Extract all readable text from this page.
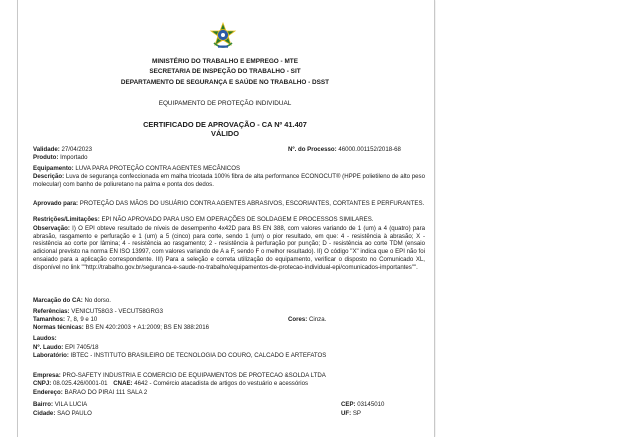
MINISTÉRIO DO TRABALHO E EMPREGO - MTE
SECRETARIA DE INSPEÇÃO DO TRABALHO - SIT
DEPARTAMENTO DE SEGURANÇA E SAÚDE NO TRABALHO - DSST
EQUIPAMENTO DE PROTEÇÃO INDIVIDUAL
CERTIFICADO DE APROVAÇÃO - CA Nº 41.407
VÁLIDO
Validade: 27/04/2023	Nº. do Processo: 46000.001152/2018-68
Produto: Importado
Equipamento: LUVA PARA PROTEÇÃO CONTRA AGENTES MECÂNICOS
Descrição: Luva de segurança confeccionada em malha tricotada 100% fibra de alta performance ECONOCUT® (HPPE polietileno de alto peso molecular) com banho de poliuretano na palma e ponta dos dedos.
Aprovado para: PROTEÇÃO DAS MÃOS DO USUÁRIO CONTRA AGENTES ABRASIVOS, ESCORIANTES, CORTANTES E PERFURANTES.
Restrições/Limitações: EPI NÃO APROVADO PARA USO EM OPERAÇÕES DE SOLDAGEM E PROCESSOS SIMILARES.
Observação: I) O EPI obteve resultado de níveis de desempenho 4x42D para BS EN 388, com valores variando de 1 (um) a 4 (quatro) para abrasão, rasgamento e perfuração e 1 (um) a 5 (cinco) para corte, sendo 1 (um) o pior resultado, em que: 4 - resistência à abrasão; X - resistência ao corte por lâmina; 4 - resistência ao rasgamento; 2 - resistência à perfuração por punção; D - resistência ao corte TDM (ensaio adicional previsto na norma EN ISO 13997, com valores variando de A a F, sendo F o melhor resultado). II) O código "X" indica que o EPI não foi ensaiado para a aplicação correspondente. III) Para a seleção e correta utilização do equipamento, verificar o disposto no Comunicado XL, disponível no link ""http://trabalho.gov.br/seguranca-e-saude-no-trabalho/equipamentos-de-protecao-individual-epi/comunicados-importantes"".
Marcação do CA: No dorso.
Referências: VENICUT58G3 - VECUT58GRG3
Tamanhos: 7, 8, 9 e 10	Cores: Cinza.
Normas técnicas: BS EN 420:2003 + A1:2009; BS EN 388:2016
Laudos:
Nº. Laudo: EPI 7405/18
Laboratório: IBTEC - INSTITUTO BRASILEIRO DE TECNOLOGIA DO COURO, CALCADO E ARTEFATOS
Empresa: PRO-SAFETY INDUSTRIA E COMERCIO DE EQUIPAMENTOS DE PROTECAO &SOLDA LTDA
CNPJ: 08.025.426/0001-01 CNAE: 4642 - Comércio atacadista de artigos do vestuário e acessórios
Endereço: BARAO DO PIRAI 111 SALA 2
Bairro: VILA LUCIA	CEP: 03145010
Cidade: SAO PAULO	UF: SP
